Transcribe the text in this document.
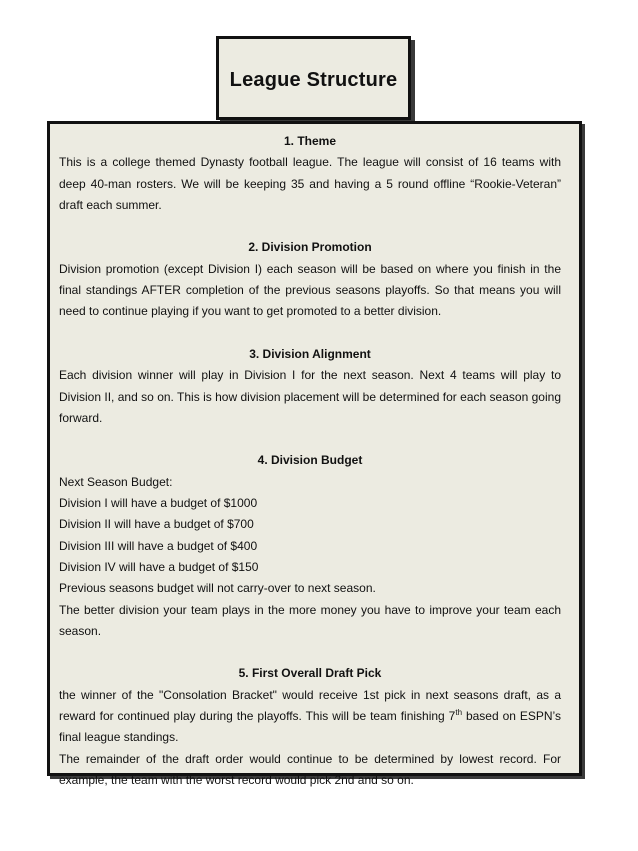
League Structure

1. Theme

This is a college themed Dynasty football league. The league will consist of 16 teams with deep 40-man rosters. We will be keeping 35 and having a 5 round offline “Rookie-Veteran” draft each summer.

2. Division Promotion

Division promotion (except Division I) each season will be based on where you finish in the final standings AFTER completion of the previous seasons playoffs. So that means you will need to continue playing if you want to get promoted to a better division.

3. Division Alignment

Each division winner will play in Division I for the next season. Next 4 teams will play to Division II, and so on. This is how division placement will be determined for each season going forward.

4. Division Budget

Next Season Budget:

Division I will have a budget of $1000

Division II will have a budget of $700

Division III will have a budget of $400

Division IV will have a budget of $150

Previous seasons budget will not carry-over to next season.

The better division your team plays in the more money you have to improve your team each season.

5. First Overall Draft Pick

the winner of the "Consolation Bracket" would receive 1st pick in next seasons draft, as a reward for continued play during the playoffs. This will be team finishing 7th based on ESPN’s final league standings.

The remainder of the draft order would continue to be determined by lowest record. For example, the team with the worst record would pick 2nd and so on.
